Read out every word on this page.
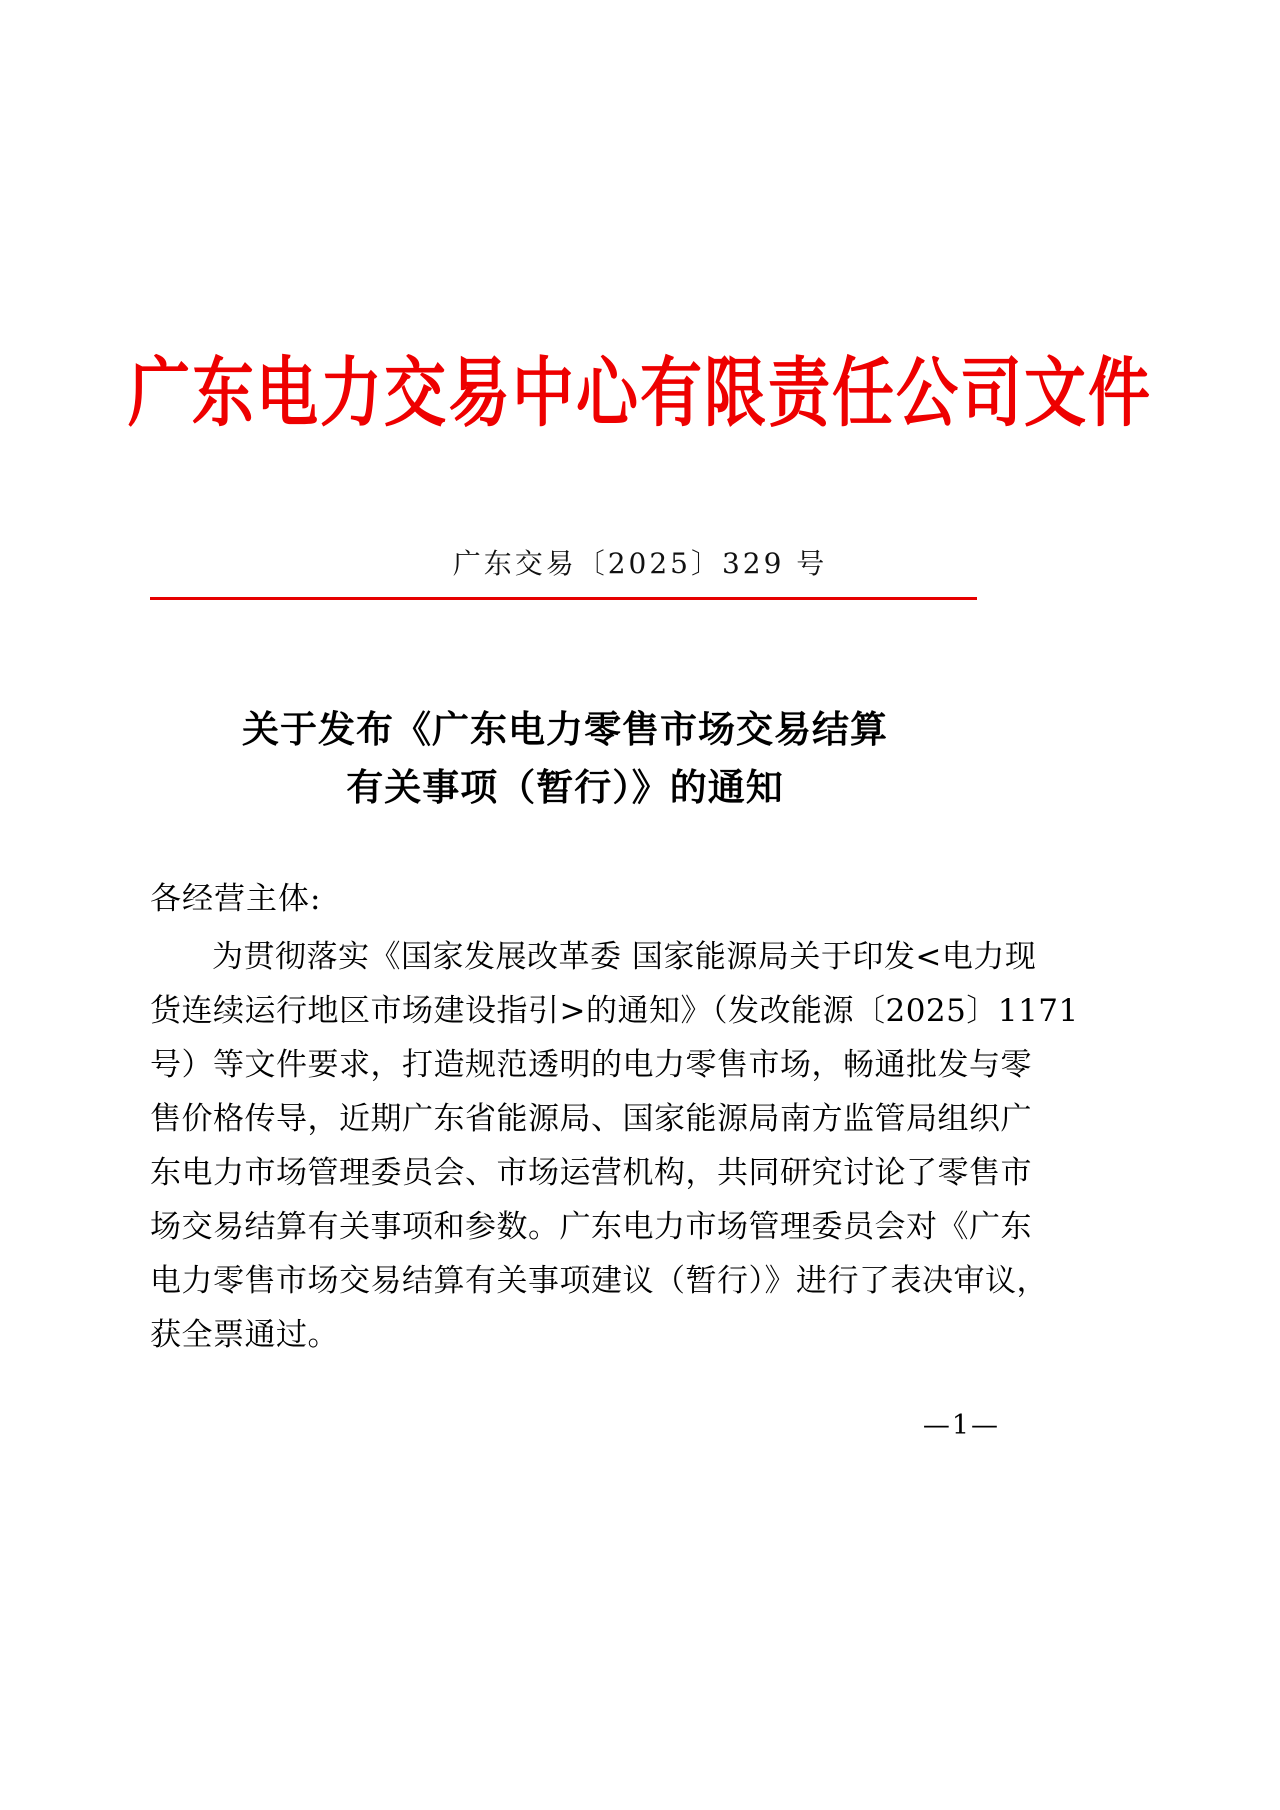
广东电力交易中心有限责任公司文件
广东交易〔2025〕329 号
关于发布《广东电力零售市场交易结算
有关事项（暂行）》的通知
各经营主体:
为贯彻落实《国家发展改革委 国家能源局关于印发<电力现
货连续运行地区市场建设指引>的通知》（发改能源〔2025〕1171
号）等文件要求，打造规范透明的电力零售市场，畅通批发与零
售价格传导，近期广东省能源局、国家能源局南方监管局组织广
东电力市场管理委员会、市场运营机构，共同研究讨论了零售市
场交易结算有关事项和参数。广东电力市场管理委员会对《广东
电力零售市场交易结算有关事项建议（暂行）》进行了表决审议，
获全票通过。
—1—
